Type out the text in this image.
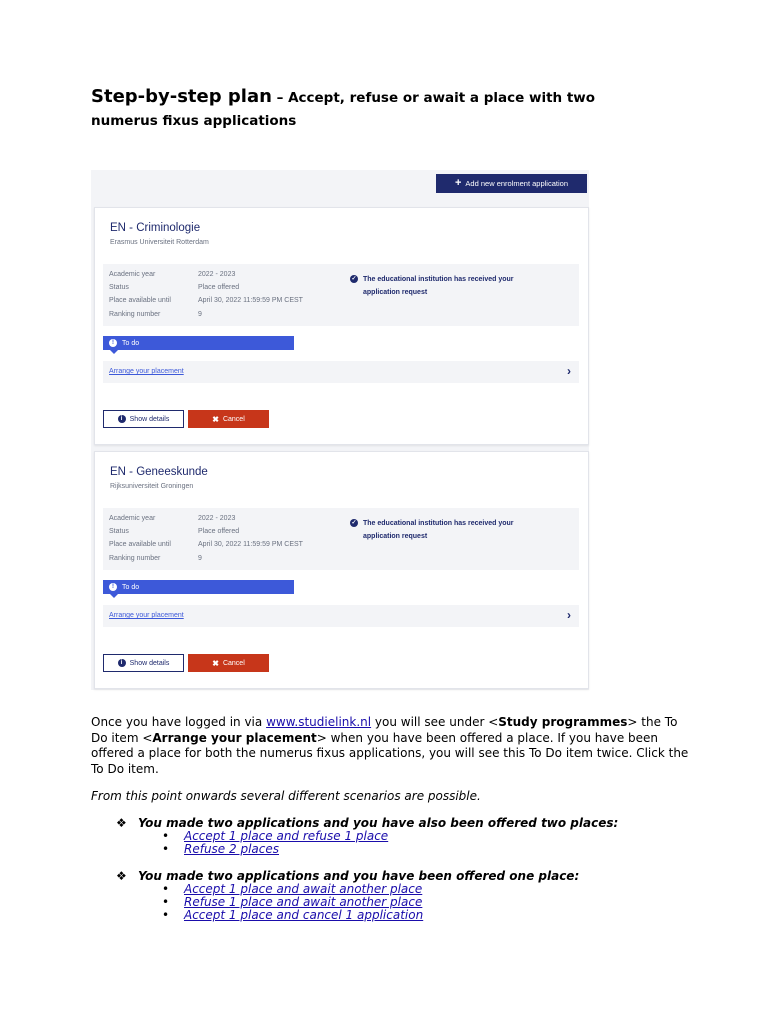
Step-by-step plan – Accept, refuse or await a place with two
numerus fixus applications
+ Add new enrolment application
EN - Criminologie
Erasmus Universiteit Rotterdam
Academic year	2022 - 2023
Status	Place offered
Place available until	April 30, 2022 11:59:59 PM CEST
Ranking number	9
✓ The educational institution has received your
application request
!	To do
Arrange your placement	›
i	Show details	✖ Cancel
EN - Geneeskunde
Rijksuniversiteit Groningen
Academic year	2022 - 2023
Status	Place offered
Place available until	April 30, 2022 11:59:59 PM CEST
Ranking number	9
✓ The educational institution has received your
application request
!	To do
Arrange your placement	›
i	Show details	✖ Cancel
Once you have logged in via www.studielink.nl you will see under <Study programmes> the To Do item <Arrange your placement> when you have been offered a place. If you have been offered a place for both the numerus fixus applications, you will see this To Do item twice. Click the To Do item.
From this point onwards several different scenarios are possible.
❖ You made two applications and you have also been offered two places:
• Accept 1 place and refuse 1 place
• Refuse 2 places
❖ You made two applications and you have been offered one place:
• Accept 1 place and await another place
• Refuse 1 place and await another place
• Accept 1 place and cancel 1 application
